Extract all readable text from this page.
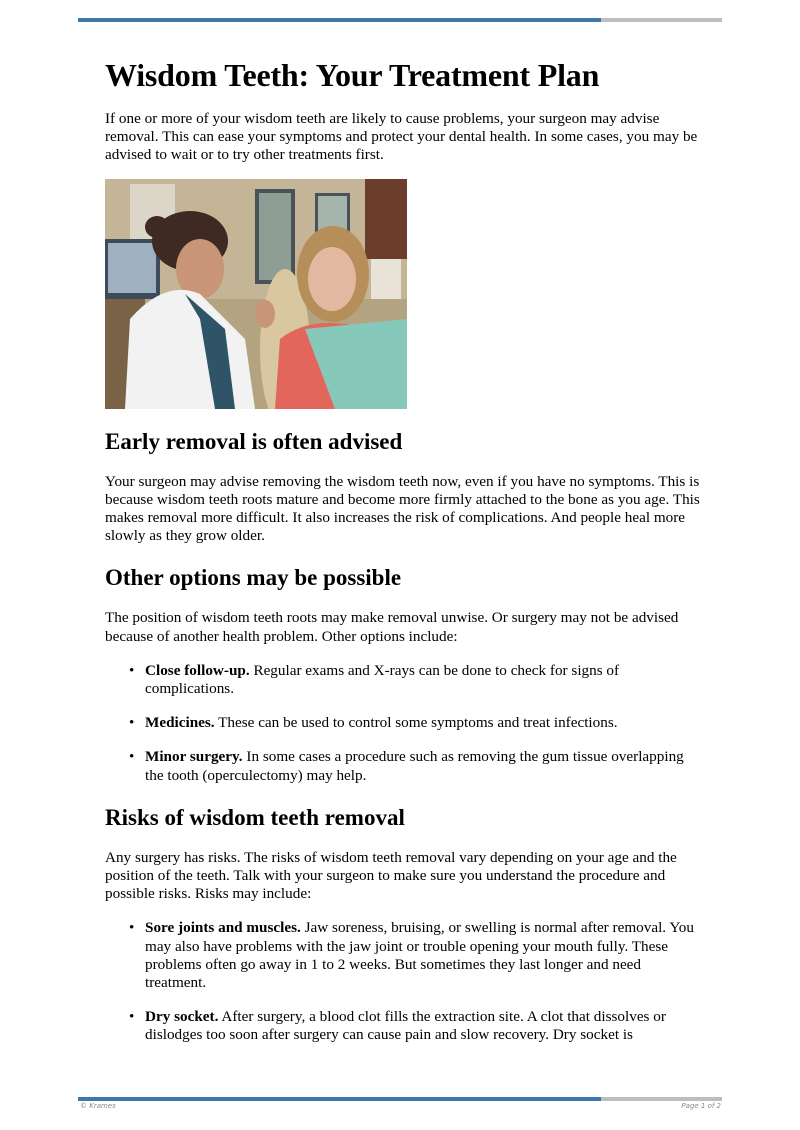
Wisdom Teeth: Your Treatment Plan

If one or more of your wisdom teeth are likely to cause problems, your surgeon may advise removal. This can ease your symptoms and protect your dental health. In some cases, you may be advised to wait or to try other treatments first.

Early removal is often advised

Your surgeon may advise removing the wisdom teeth now, even if you have no symptoms. This is because wisdom teeth roots mature and become more firmly attached to the bone as you age. This makes removal more difficult. It also increases the risk of complications. And people heal more slowly as they grow older.

Other options may be possible

The position of wisdom teeth roots may make removal unwise. Or surgery may not be advised because of another health problem. Other options include:

• Close follow-up. Regular exams and X-rays can be done to check for signs of complications.
• Medicines. These can be used to control some symptoms and treat infections.
• Minor surgery. In some cases a procedure such as removing the gum tissue overlapping the tooth (operculectomy) may help.
Risks of wisdom teeth removal

Any surgery has risks. The risks of wisdom teeth removal vary depending on your age and the position of the teeth. Talk with your surgeon to make sure you understand the procedure and possible risks. Risks may include:

• Sore joints and muscles. Jaw soreness, bruising, or swelling is normal after removal. You may also have problems with the jaw joint or trouble opening your mouth fully. These problems often go away in 1 to 2 weeks. But sometimes they last longer and need treatment.
• Dry socket. After surgery, a blood clot fills the extraction site. A clot that dissolves or dislodges too soon after surgery can cause pain and slow recovery. Dry socket is
© Krames	Page 1 of 2
